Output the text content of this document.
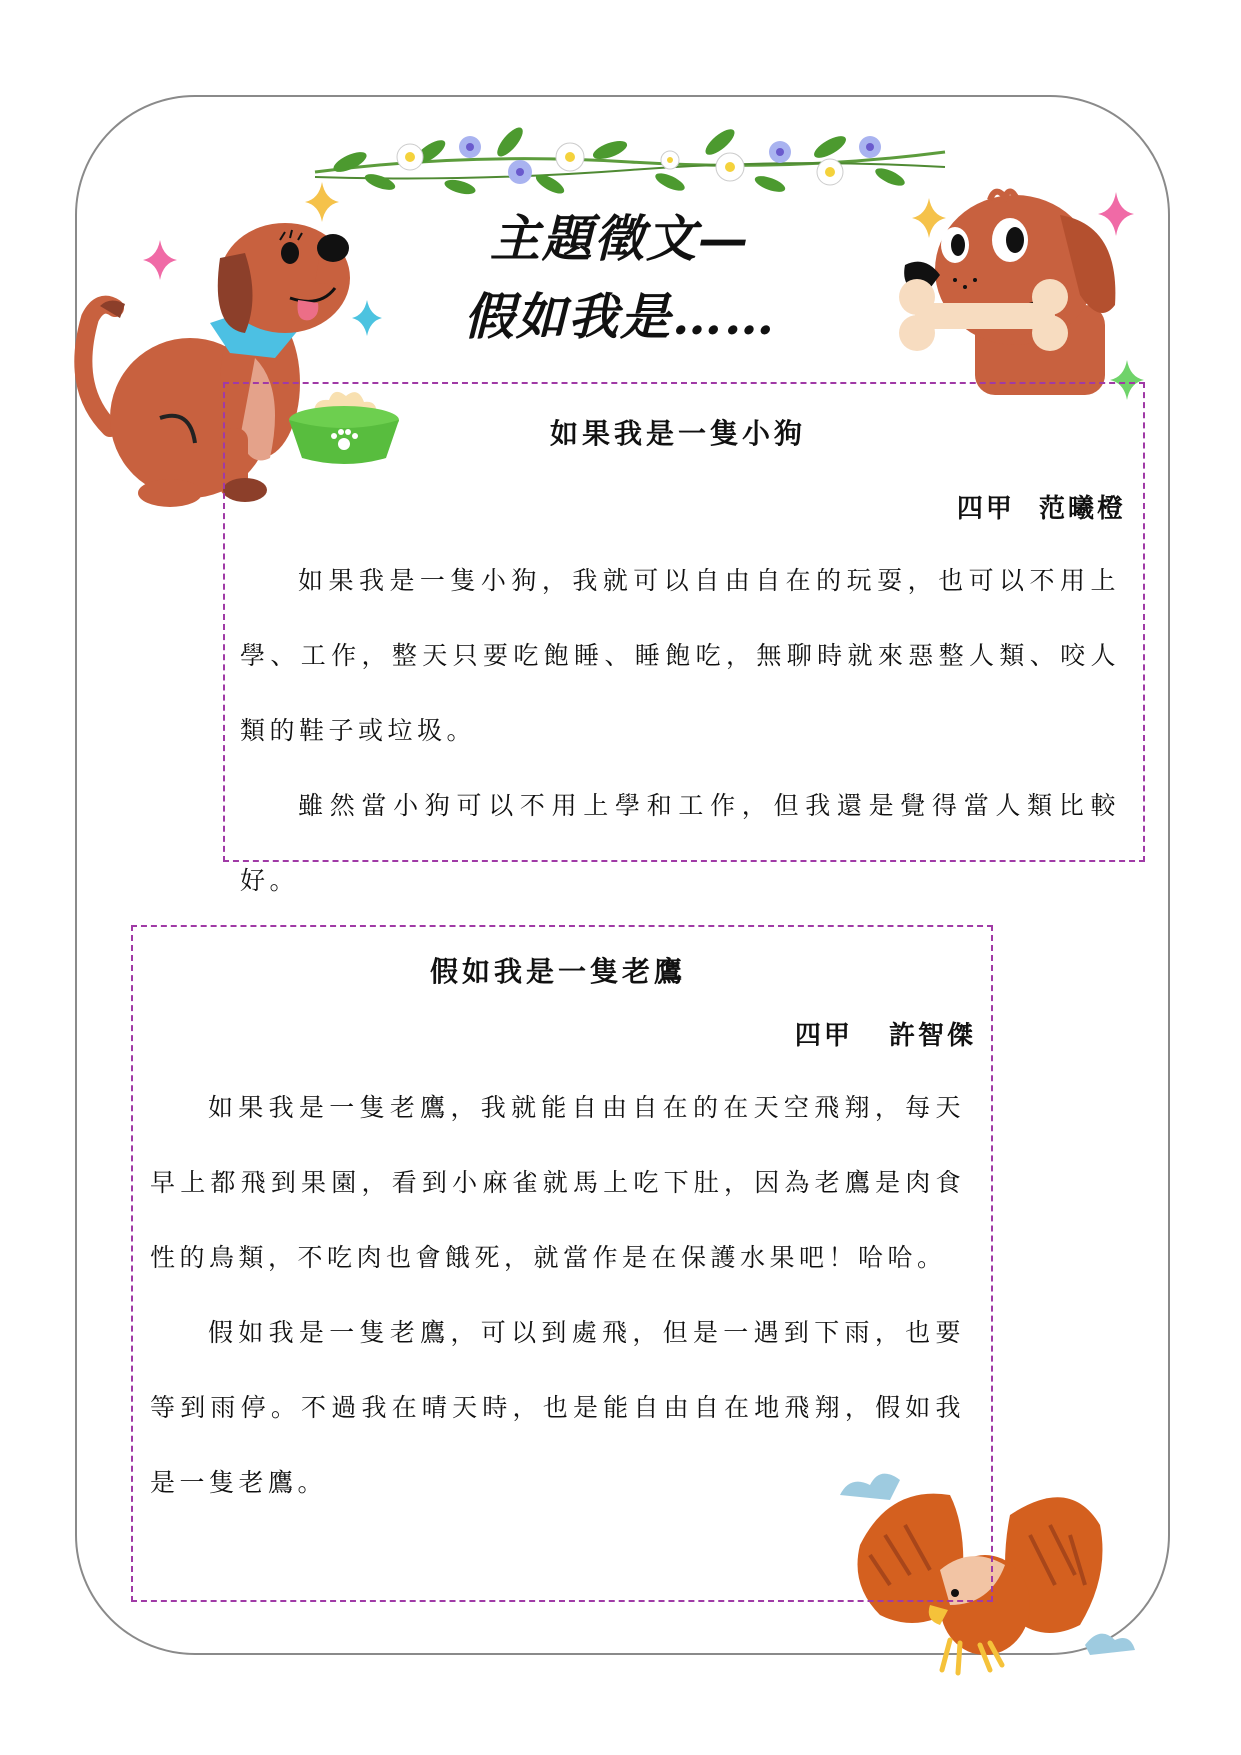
主題徵文—
假如我是……
如果我是一隻小狗
四甲  范曦橙

如果我是一隻小狗，我就可以自由自在的玩耍，也可以不用上學、工作，整天只要吃飽睡、睡飽吃，無聊時就來惡整人類、咬人類的鞋子或垃圾。

雖然當小狗可以不用上學和工作，但我還是覺得當人類比較好。

假如我是一隻老鷹
四甲   許智傑

如果我是一隻老鷹，我就能自由自在的在天空飛翔，每天早上都飛到果園，看到小麻雀就馬上吃下肚，因為老鷹是肉食性的鳥類，不吃肉也會餓死，就當作是在保護水果吧！哈哈。

假如我是一隻老鷹，可以到處飛，但是一遇到下雨，也要等到雨停。不過我在晴天時，也是能自由自在地飛翔，假如我是一隻老鷹。
